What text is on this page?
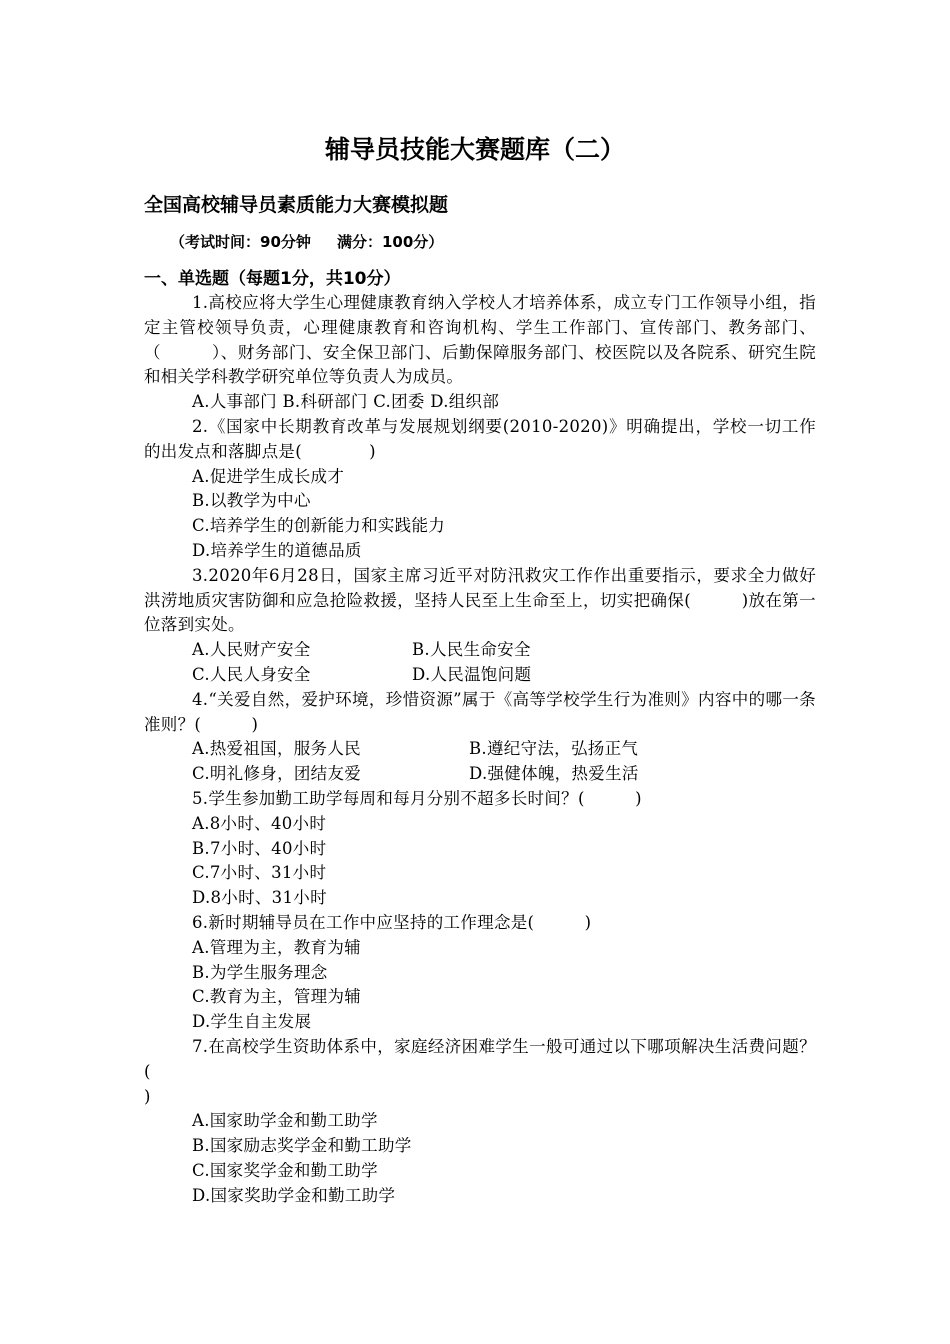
辅导员技能大赛题库（二）
全国高校辅导员素质能力大赛模拟题
（考试时间：90分钟     满分：100分）
一、单选题（每题1分，共10分）

1.高校应将大学生心理健康教育纳入学校人才培养体系，成立专门工作领导小组，指定主管校领导负责，心理健康教育和咨询机构、学生工作部门、宣传部门、教务部门、（　　　）、财务部门、安全保卫部门、后勤保障服务部门、校医院以及各院系、研究生院和相关学科教学研究单位等负责人为成员。

A.人事部门 B.科研部门 C.团委 D.组织部

2.《国家中长期教育改革与发展规划纲要(2010-2020)》明确提出，学校一切工作的出发点和落脚点是(　　　　)

A.促进学生成长成才

B.以教学为中心

C.培养学生的创新能力和实践能力

D.培养学生的道德品质

3.2020年6月28日，国家主席习近平对防汛救灾工作作出重要指示，要求全力做好洪涝地质灾害防御和应急抢险救援，坚持人民至上生命至上，切实把确保(　　　)放在第一位落到实处。

A.人民财产安全	B.人民生命安全
C.人民人身安全	D.人民温饱问题

4.“关爱自然，爱护环境，珍惜资源”属于《高等学校学生行为准则》内容中的哪一条准则？(　　　)

A.热爱祖国，服务人民	B.遵纪守法，弘扬正气
C.明礼修身，团结友爱	D.强健体魄，热爱生活

5.学生参加勤工助学每周和每月分别不超多长时间？(　　　)

A.8小时、40小时

B.7小时、40小时

C.7小时、31小时

D.8小时、31小时

6.新时期辅导员在工作中应坚持的工作理念是(　　　)

A.管理为主，教育为辅

B.为学生服务理念

C.教育为主，管理为辅

D.学生自主发展

7.在高校学生资助体系中，家庭经济困难学生一般可通过以下哪项解决生活费问题？(

)

A.国家助学金和勤工助学

B.国家励志奖学金和勤工助学

C.国家奖学金和勤工助学

D.国家奖助学金和勤工助学
